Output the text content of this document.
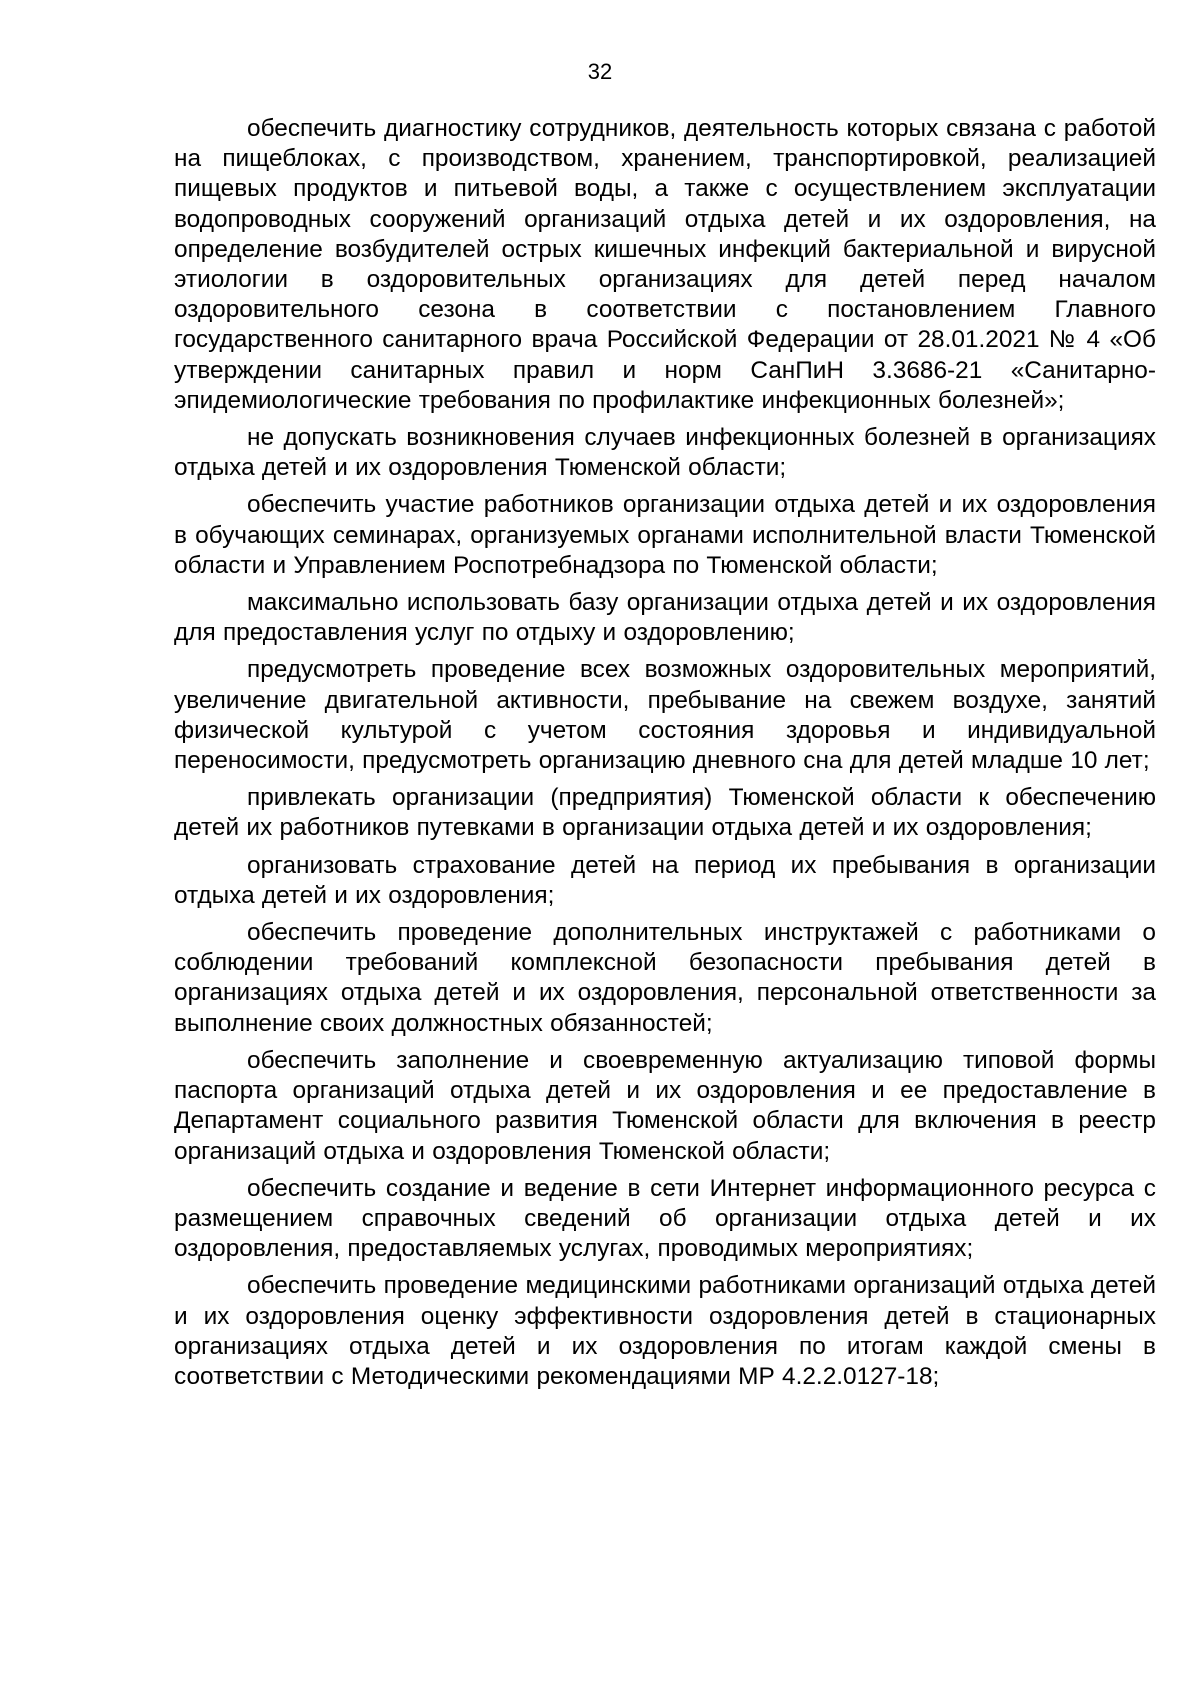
32

обеспечить диагностику сотрудников, деятельность которых связана с работой на пищеблоках, с производством, хранением, транспортировкой, реализацией пищевых продуктов и питьевой воды, а также с осуществлением эксплуатации водопроводных сооружений организаций отдыха детей и их оздоровления, на определение возбудителей острых кишечных инфекций бактериальной и вирусной этиологии в оздоровительных организациях для детей перед началом оздоровительного сезона в соответствии с постановлением Главного государственного санитарного врача Российской Федерации от 28.01.2021 № 4 «Об утверждении санитарных правил и норм СанПиН 3.3686-21 «Санитарно-эпидемиологические требования по профилактике инфекционных болезней»;

не допускать возникновения случаев инфекционных болезней в организациях отдыха детей и их оздоровления Тюменской области;

обеспечить участие работников организации отдыха детей и их оздоровления в обучающих семинарах, организуемых органами исполнительной власти Тюменской области и Управлением Роспотребнадзора по Тюменской области;

максимально использовать базу организации отдыха детей и их оздоровления для предоставления услуг по отдыху и оздоровлению;

предусмотреть проведение всех возможных оздоровительных мероприятий, увеличение двигательной активности, пребывание на свежем воздухе, занятий физической культурой с учетом состояния здоровья и индивидуальной переносимости, предусмотреть организацию дневного сна для детей младше 10 лет;

привлекать организации (предприятия) Тюменской области к обеспечению детей их работников путевками в организации отдыха детей и их оздоровления;

организовать страхование детей на период их пребывания в организации отдыха детей и их оздоровления;

обеспечить проведение дополнительных инструктажей с работниками о соблюдении требований комплексной безопасности пребывания детей в организациях отдыха детей и их оздоровления, персональной ответственности за выполнение своих должностных обязанностей;

обеспечить заполнение и своевременную актуализацию типовой формы паспорта организаций отдыха детей и их оздоровления и ее предоставление в Департамент социального развития Тюменской области для включения в реестр организаций отдыха и оздоровления Тюменской области;

обеспечить создание и ведение в сети Интернет информационного ресурса с размещением справочных сведений об организации отдыха детей и их оздоровления, предоставляемых услугах, проводимых мероприятиях;

обеспечить проведение медицинскими работниками организаций отдыха детей и их оздоровления оценку эффективности оздоровления детей в стационарных организациях отдыха детей и их оздоровления по итогам каждой смены в соответствии с Методическими рекомендациями МР 4.2.2.0127-18;
